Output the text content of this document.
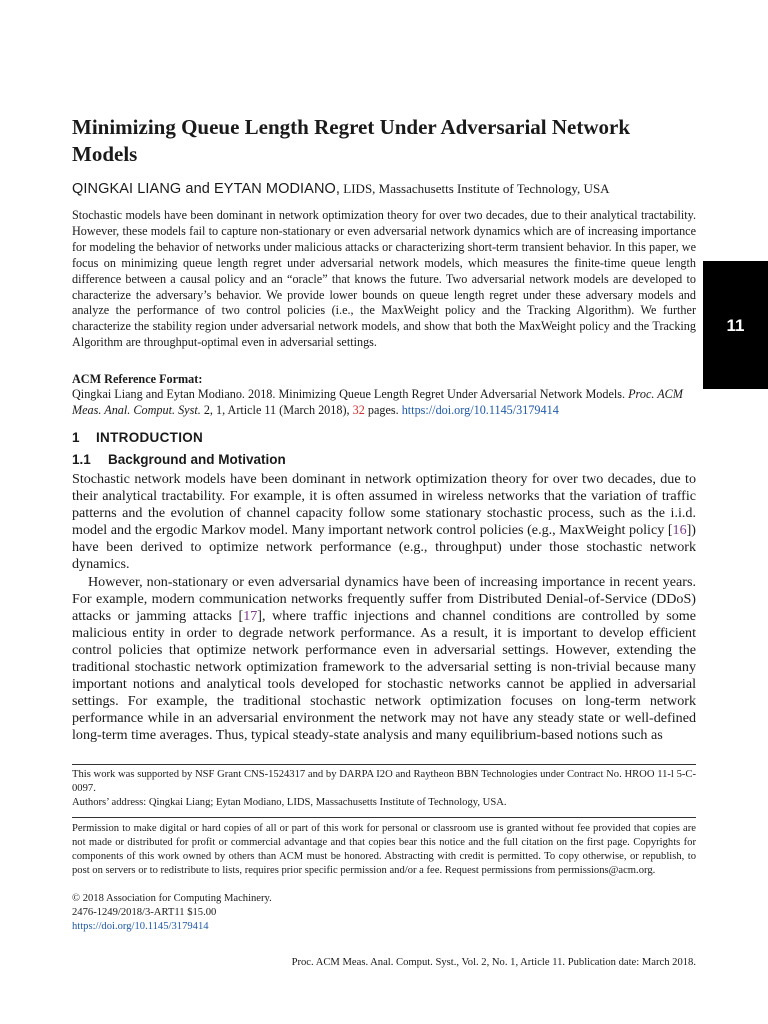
Minimizing Queue Length Regret Under Adversarial Network Models
QINGKAI LIANG and EYTAN MODIANO, LIDS, Massachusetts Institute of Technology, USA

Stochastic models have been dominant in network optimization theory for over two decades, due to their analytical tractability. However, these models fail to capture non-stationary or even adversarial network dynamics which are of increasing importance for modeling the behavior of networks under malicious attacks or characterizing short-term transient behavior. In this paper, we focus on minimizing queue length regret under adversarial network models, which measures the finite-time queue length difference between a causal policy and an “oracle” that knows the future. Two adversarial network models are developed to characterize the adversary’s behavior. We provide lower bounds on queue length regret under these adversary models and analyze the performance of two control policies (i.e., the MaxWeight policy and the Tracking Algorithm). We further characterize the stability region under adversarial network models, and show that both the MaxWeight policy and the Tracking Algorithm are throughput-optimal even in adversarial settings.

ACM Reference Format:

Qingkai Liang and Eytan Modiano. 2018. Minimizing Queue Length Regret Under Adversarial Network Models. Proc. ACM Meas. Anal. Comput. Syst. 2, 1, Article 11 (March 2018), 32 pages. https://doi.org/10.1145/3179414

1 INTRODUCTION
1.1 Background and Motivation

Stochastic network models have been dominant in network optimization theory for over two decades, due to their analytical tractability. For example, it is often assumed in wireless networks that the variation of traffic patterns and the evolution of channel capacity follow some stationary stochastic process, such as the i.i.d. model and the ergodic Markov model. Many important network control policies (e.g., MaxWeight policy [16]) have been derived to optimize network performance (e.g., throughput) under those stochastic network dynamics.

However, non-stationary or even adversarial dynamics have been of increasing importance in recent years. For example, modern communication networks frequently suffer from Distributed Denial-of-Service (DDoS) attacks or jamming attacks [17], where traffic injections and channel conditions are controlled by some malicious entity in order to degrade network performance. As a result, it is important to develop efficient control policies that optimize network performance even in adversarial settings. However, extending the traditional stochastic network optimization framework to the adversarial setting is non-trivial because many important notions and analytical tools developed for stochastic networks cannot be applied in adversarial settings. For example, the traditional stochastic network optimization focuses on long-term network performance while in an adversarial environment the network may not have any steady state or well-defined long-term time averages. Thus, typical steady-state analysis and many equilibrium-based notions such as

This work was supported by NSF Grant CNS-1524317 and by DARPA I2O and Raytheon BBN Technologies under Contract No. HROO 11-l 5-C-0097.

Authors’ address: Qingkai Liang; Eytan Modiano, LIDS, Massachusetts Institute of Technology, USA.

Permission to make digital or hard copies of all or part of this work for personal or classroom use is granted without fee provided that copies are not made or distributed for profit or commercial advantage and that copies bear this notice and the full citation on the first page. Copyrights for components of this work owned by others than ACM must be honored. Abstracting with credit is permitted. To copy otherwise, or republish, to post on servers or to redistribute to lists, requires prior specific permission and/or a fee. Request permissions from permissions@acm.org.

© 2018 Association for Computing Machinery.

2476-1249/2018/3-ART11 $15.00

https://doi.org/10.1145/3179414

Proc. ACM Meas. Anal. Comput. Syst., Vol. 2, No. 1, Article 11. Publication date: March 2018.
11
